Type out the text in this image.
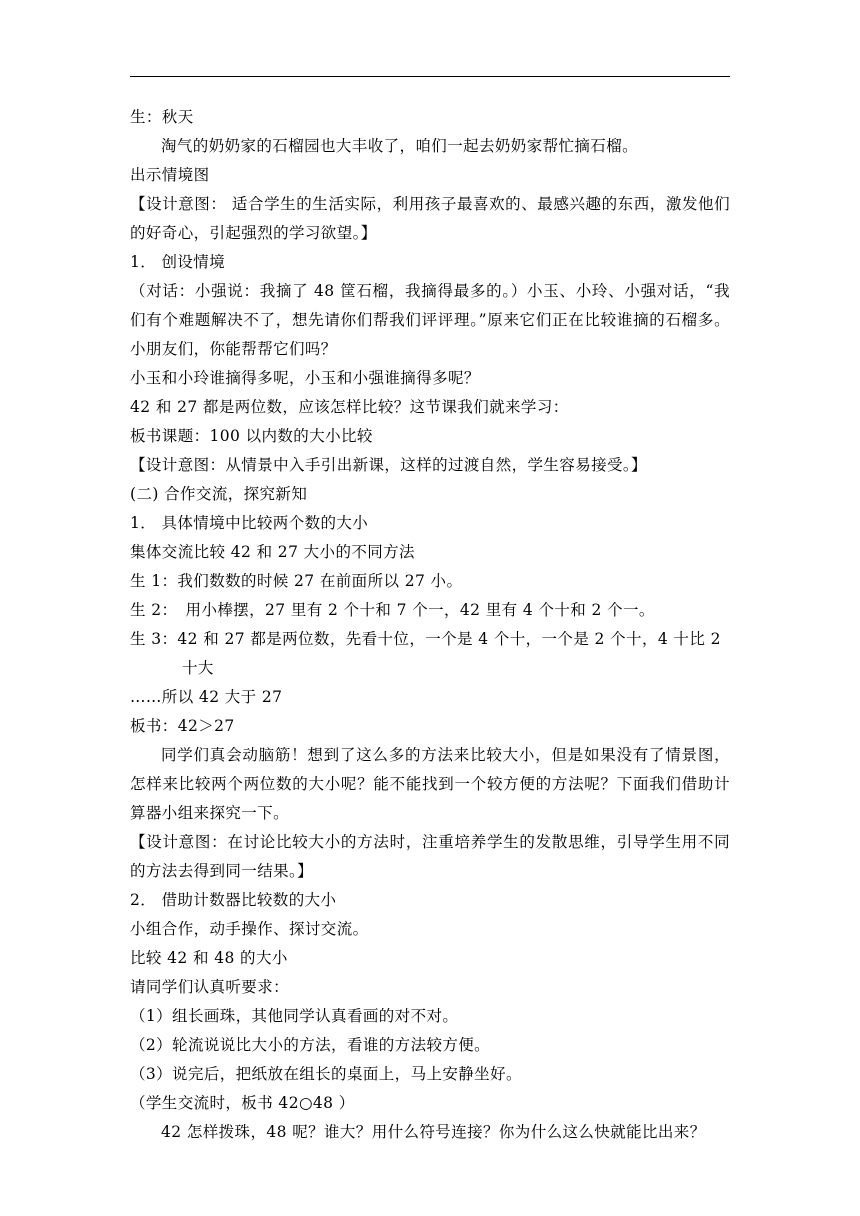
生：秋天
淘气的奶奶家的石榴园也大丰收了，咱们一起去奶奶家帮忙摘石榴。
出示情境图
【设计意图： 适合学生的生活实际，利用孩子最喜欢的、最感兴趣的东西，激发他们的好奇心，引起强烈的学习欲望。】
1． 创设情境
（对话：小强说：我摘了 48 筐石榴，我摘得最多的。）小玉、小玲、小强对话，“我们有个难题解决不了，想先请你们帮我们评评理。”原来它们正在比较谁摘的石榴多。小朋友们，你能帮帮它们吗？
小玉和小玲谁摘得多呢，小玉和小强谁摘得多呢？
42 和 27 都是两位数，应该怎样比较？这节课我们就来学习：
板书课题：100 以内数的大小比较
【设计意图：从情景中入手引出新课，这样的过渡自然，学生容易接受。】
(二) 合作交流，探究新知
1． 具体情境中比较两个数的大小
集体交流比较 42 和 27 大小的不同方法
生 1：我们数数的时候 27 在前面所以 27 小。
生 2：　用小棒摆，27 里有 2 个十和 7 个一，42 里有 4 个十和 2 个一。
生 3：42 和 27 都是两位数，先看十位，一个是 4 个十，一个是 2 个十，4 十比 2
十大
……所以 42 大于 27
板书：42＞27
同学们真会动脑筋！想到了这么多的方法来比较大小，但是如果没有了情景图，怎样来比较两个两位数的大小呢？能不能找到一个较方便的方法呢？下面我们借助计算器小组来探究一下。
【设计意图：在讨论比较大小的方法时，注重培养学生的发散思维，引导学生用不同的方法去得到同一结果。】
2． 借助计数器比较数的大小
小组合作，动手操作、探讨交流。
比较 42 和 48 的大小
请同学们认真听要求：
（1）组长画珠，其他同学认真看画的对不对。
（2）轮流说说比大小的方法，看谁的方法较方便。
（3）说完后，把纸放在组长的桌面上，马上安静坐好。
（学生交流时，板书 42○48 ）
42 怎样拨珠，48 呢？谁大？用什么符号连接？你为什么这么快就能比出来？
